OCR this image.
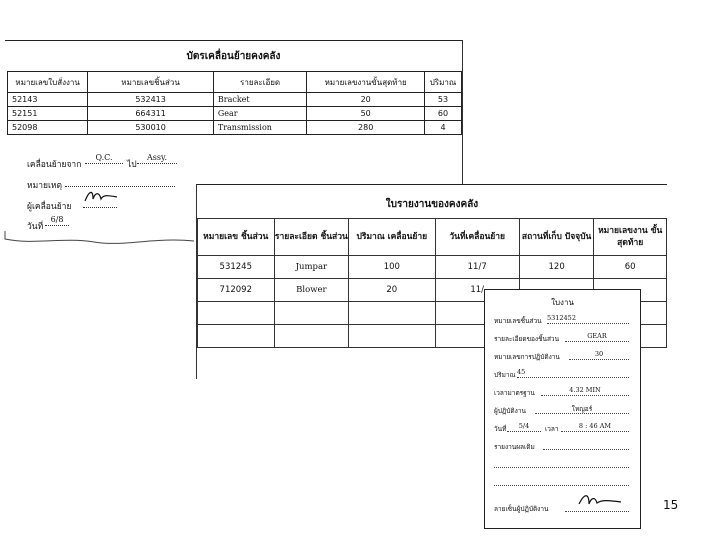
บัตรเคลื่อนย้ายคงคลัง
หมายเลขใบสั่งงาน	หมายเลขชิ้นส่วน	รายละเอียด	หมายเลขงานขั้นสุดท้าย	ปริมาณ
52143	532413	Bracket	20	53
52151	664311	Gear	50	60
52098	530010	Transmission	280	4
เคลื่อนย้ายจาก
Q.C.
ไป
Assy.
หมายเหตุ
ผู้เคลื่อนย้าย
วันที่
6/8
ใบรายงานของคงคลัง
หมายเลข ชิ้นส่วน	รายละเอียด ชิ้นส่วน	ปริมาณ เคลื่อนย้าย	วันที่เคลื่อนย้าย	สถานที่เก็บ ปัจจุบัน	หมายเลขงาน ขั้นสุดท้าย
531245	Jumpar	100	11/7	120	60
712092	Blower	20	11/		

ใบงาน
หมายเลขชิ้นส่วน 5312452
รายละเอียดของชิ้นส่วน	GEAR
หมายเลขการปฏิบัติงาน	30
ปริมาณ 45
เวลามาตรฐาน	4.32 MIN
ผู้ปฏิบัติงาน	ใหญอร์
วันที่	5/4	เวลา	8 : 46 AM
รายงานผลเติม
ลายเซ็นผู้ปฏิบัติงาน	15
